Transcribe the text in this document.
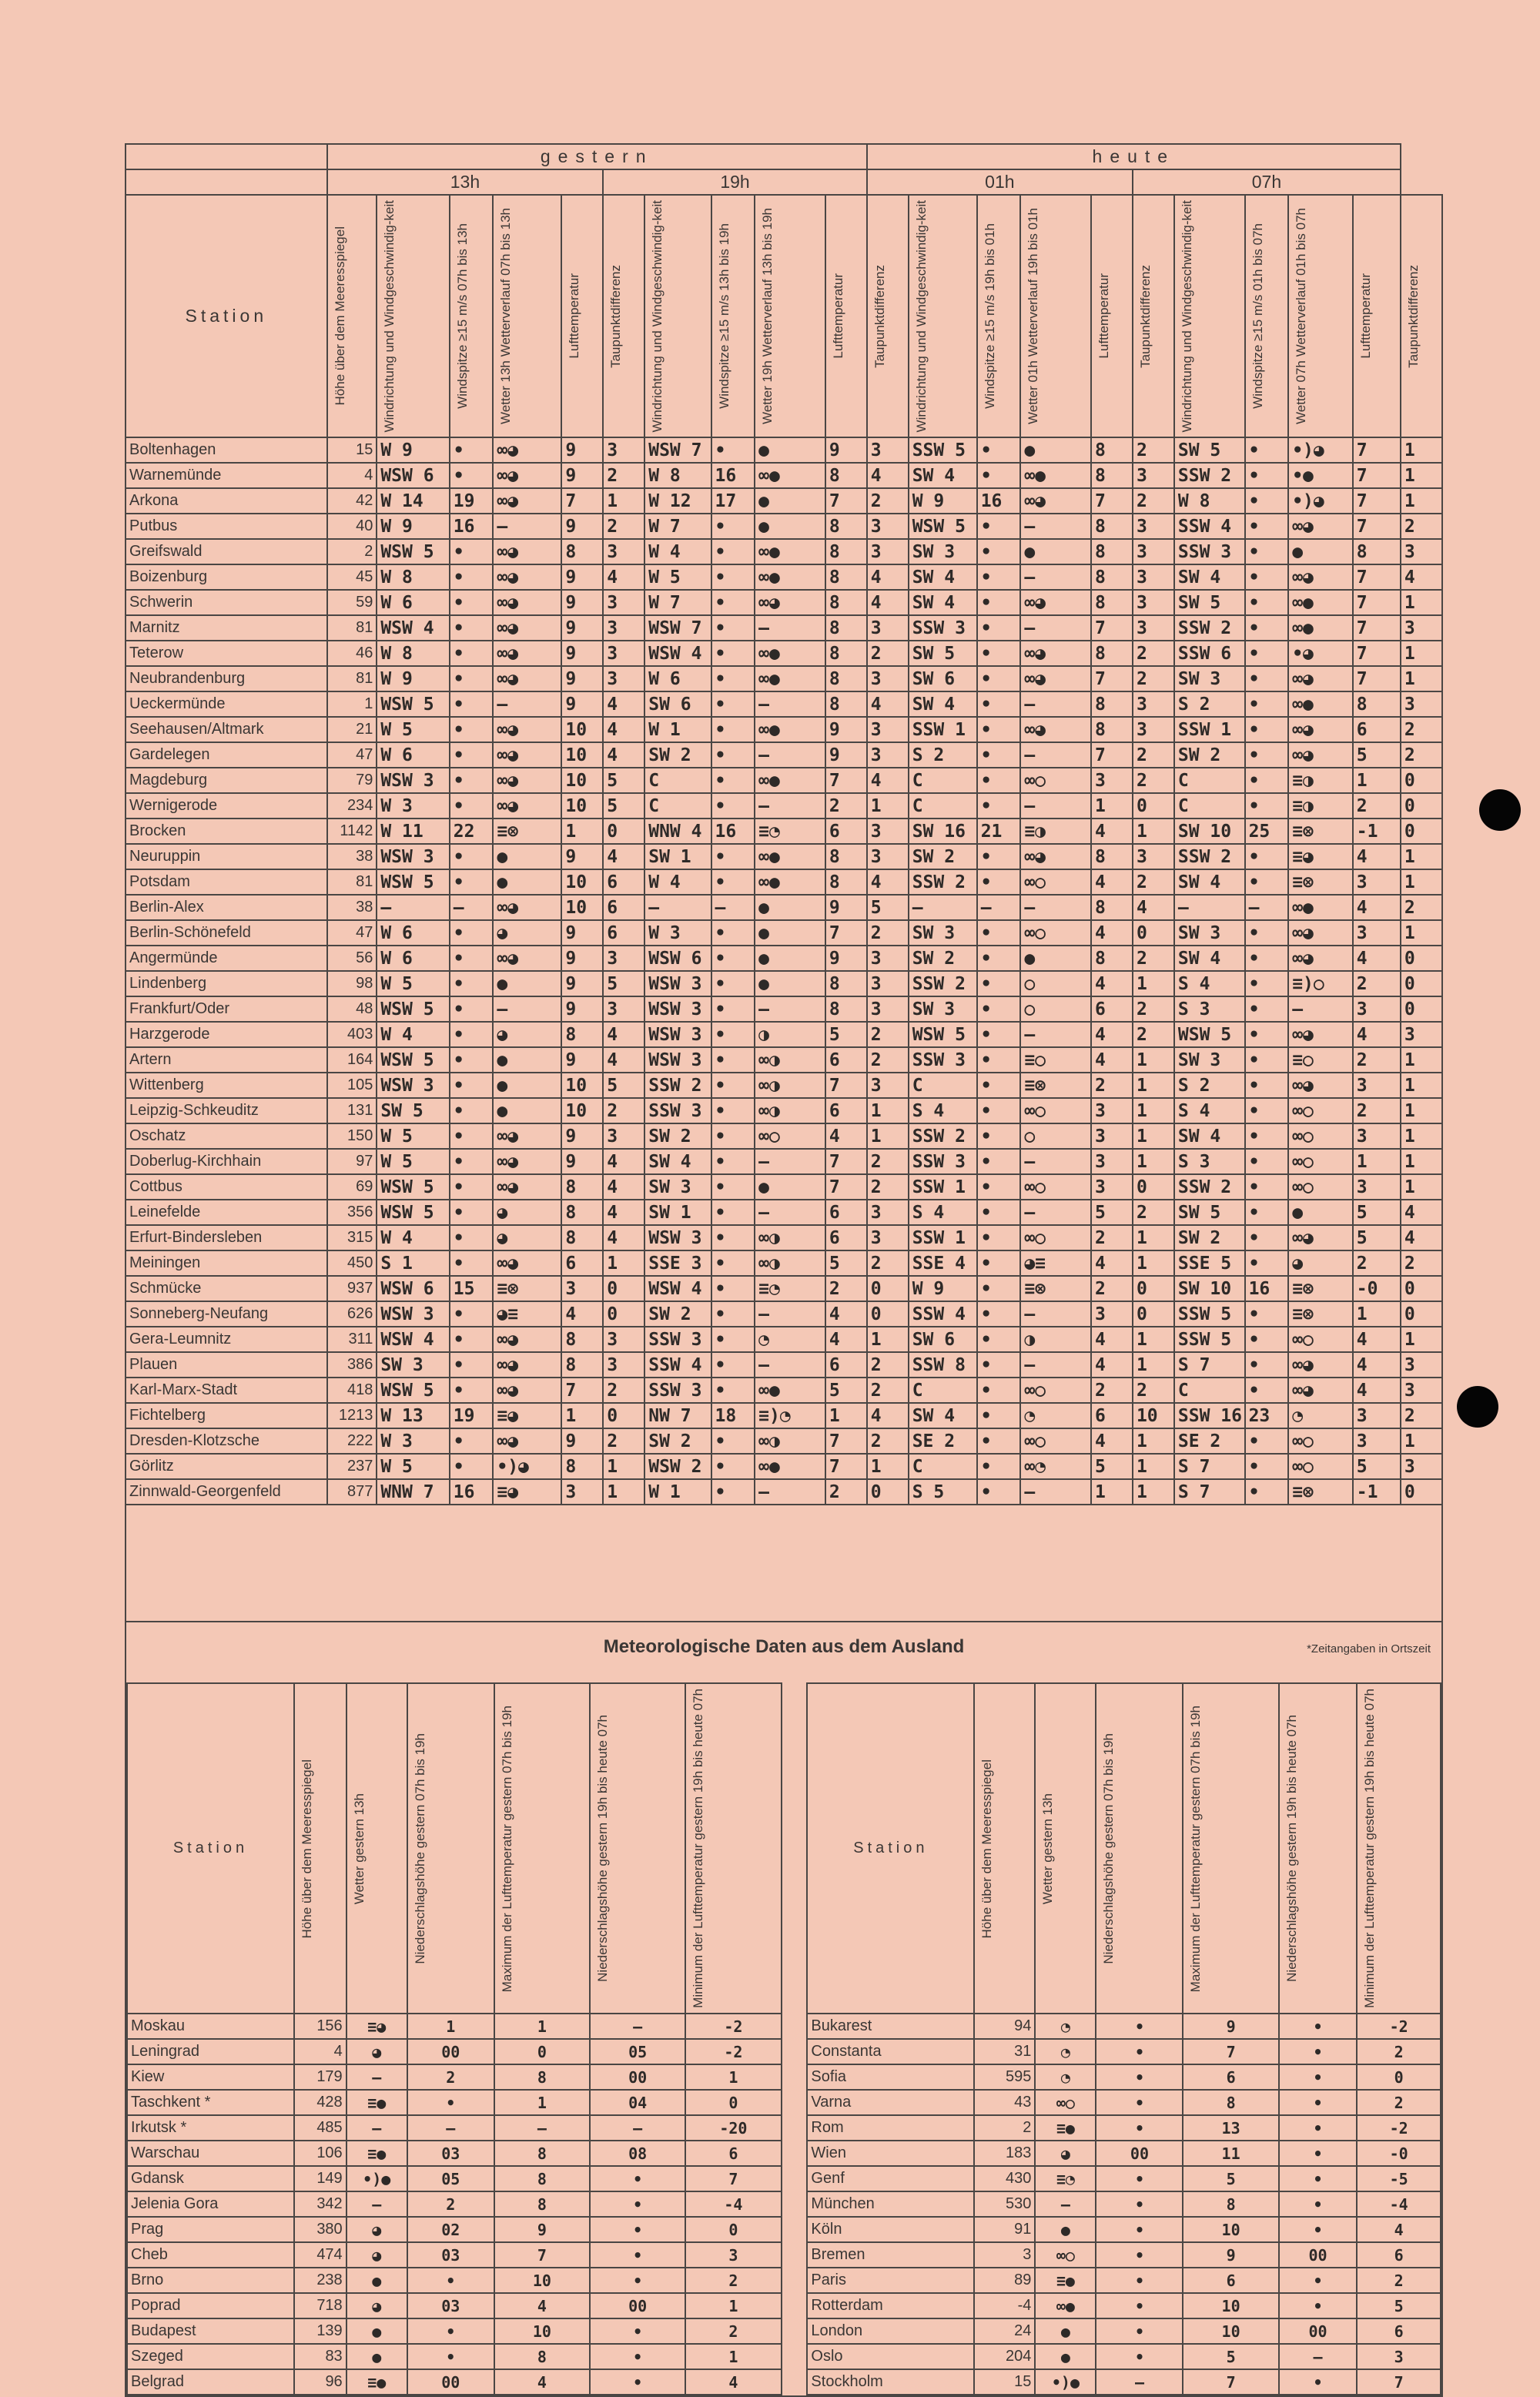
	gestern										heute										
	13h					19h					01h					07h					
Station	Höhe über dem Meeresspiegel	Windrichtung und Windgeschwindig-keit	Windspitze ≥15 m/s 07h bis 13h	Wetter 13h Wetterverlauf 07h bis 13h	Lufttemperatur	Taupunktdifferenz	Windrichtung und Windgeschwindig-keit	Windspitze ≥15 m/s 13h bis 19h	Wetter 19h Wetterverlauf 13h bis 19h	Lufttemperatur	Taupunktdifferenz	Windrichtung und Windgeschwindig-keit	Windspitze ≥15 m/s 19h bis 01h	Wetter 01h Wetterverlauf 19h bis 01h	Lufttemperatur	Taupunktdifferenz	Windrichtung und Windgeschwindig-keit	Windspitze ≥15 m/s 01h bis 07h	Wetter 07h Wetterverlauf 01h bis 07h	Lufttemperatur	Taupunktdifferenz

Boltenhagen	15	W 9	•	∞◕	9	3	WSW 7	•	●	9	3	SSW 5	•	●	8	2	SW 5	•	•)◕	7	1
Warnemünde	4	WSW 6	•	∞◕	9	2	W 8	16	∞●	8	4	SW 4	•	∞●	8	3	SSW 2	•	•●	7	1
Arkona	42	W 14	19	∞◕	7	1	W 12	17	●	7	2	W 9	16	∞◕	7	2	W 8	•	•)◕	7	1
Putbus	40	W 9	16	–	9	2	W 7	•	●	8	3	WSW 5	•	–	8	3	SSW 4	•	∞◕	7	2
Greifswald	2	WSW 5	•	∞◕	8	3	W 4	•	∞●	8	3	SW 3	•	●	8	3	SSW 3	•	●	8	3
Boizenburg	45	W 8	•	∞◕	9	4	W 5	•	∞●	8	4	SW 4	•	–	8	3	SW 4	•	∞◕	7	4
Schwerin	59	W 6	•	∞◕	9	3	W 7	•	∞◕	8	4	SW 4	•	∞◕	8	3	SW 5	•	∞●	7	1
Marnitz	81	WSW 4	•	∞◕	9	3	WSW 7	•	–	8	3	SSW 3	•	–	7	3	SSW 2	•	∞●	7	3
Teterow	46	W 8	•	∞◕	9	3	WSW 4	•	∞●	8	2	SW 5	•	∞◕	8	2	SSW 6	•	•◕	7	1
Neubrandenburg	81	W 9	•	∞◕	9	3	W 6	•	∞●	8	3	SW 6	•	∞◕	7	2	SW 3	•	∞◕	7	1
Ueckermünde	1	WSW 5	•	–	9	4	SW 6	•	–	8	4	SW 4	•	–	8	3	S 2	•	∞●	8	3
Seehausen/Altmark	21	W 5	•	∞◕	10	4	W 1	•	∞●	9	3	SSW 1	•	∞◕	8	3	SSW 1	•	∞◕	6	2
Gardelegen	47	W 6	•	∞◕	10	4	SW 2	•	–	9	3	S 2	•	–	7	2	SW 2	•	∞◕	5	2
Magdeburg	79	WSW 3	•	∞◕	10	5	C	•	∞●	7	4	C	•	∞○	3	2	C	•	≡◑	1	0
Wernigerode	234	W 3	•	∞◕	10	5	C	•	–	2	1	C	•	–	1	0	C	•	≡◑	2	0
Brocken	1142	W 11	22	≡⊗	1	0	WNW 4	16	≡◔	6	3	SW 16	21	≡◑	4	1	SW 10	25	≡⊗	-1	0
Neuruppin	38	WSW 3	•	●	9	4	SW 1	•	∞●	8	3	SW 2	•	∞◕	8	3	SSW 2	•	≡◕	4	1
Potsdam	81	WSW 5	•	●	10	6	W 4	•	∞●	8	4	SSW 2	•	∞○	4	2	SW 4	•	≡⊗	3	1
Berlin-Alex	38	–	–	∞◕	10	6	–	–	●	9	5	–	–	–	8	4	–	–	∞●	4	2
Berlin-Schönefeld	47	W 6	•	◕	9	6	W 3	•	●	7	2	SW 3	•	∞○	4	0	SW 3	•	∞◕	3	1
Angermünde	56	W 6	•	∞◕	9	3	WSW 6	•	●	9	3	SW 2	•	●	8	2	SW 4	•	∞◕	4	0
Lindenberg	98	W 5	•	●	9	5	WSW 3	•	●	8	3	SSW 2	•	○	4	1	S 4	•	≡)○	2	0
Frankfurt/Oder	48	WSW 5	•	–	9	3	WSW 3	•	–	8	3	SW 3	•	○	6	2	S 3	•	–	3	0
Harzgerode	403	W 4	•	◕	8	4	WSW 3	•	◑	5	2	WSW 5	•	–	4	2	WSW 5	•	∞◕	4	3
Artern	164	WSW 5	•	●	9	4	WSW 3	•	∞◑	6	2	SSW 3	•	≡○	4	1	SW 3	•	≡○	2	1
Wittenberg	105	WSW 3	•	●	10	5	SSW 2	•	∞◑	7	3	C	•	≡⊗	2	1	S 2	•	∞◕	3	1
Leipzig-Schkeuditz	131	SW 5	•	●	10	2	SSW 3	•	∞◑	6	1	S 4	•	∞○	3	1	S 4	•	∞○	2	1
Oschatz	150	W 5	•	∞◕	9	3	SW 2	•	∞○	4	1	SSW 2	•	○	3	1	SW 4	•	∞○	3	1
Doberlug-Kirchhain	97	W 5	•	∞◕	9	4	SW 4	•	–	7	2	SSW 3	•	–	3	1	S 3	•	∞○	1	1
Cottbus	69	WSW 5	•	∞◕	8	4	SW 3	•	●	7	2	SSW 1	•	∞○	3	0	SSW 2	•	∞○	3	1
Leinefelde	356	WSW 5	•	◕	8	4	SW 1	•	–	6	3	S 4	•	–	5	2	SW 5	•	●	5	4
Erfurt-Bindersleben	315	W 4	•	◕	8	4	WSW 3	•	∞◑	6	3	SSW 1	•	∞○	2	1	SW 2	•	∞◕	5	4
Meiningen	450	S 1	•	∞◕	6	1	SSE 3	•	∞◑	5	2	SSE 4	•	◕≡	4	1	SSE 5	•	◕	2	2
Schmücke	937	WSW 6	15	≡⊗	3	0	WSW 4	•	≡◔	2	0	W 9	•	≡⊗	2	0	SW 10	16	≡⊗	-0	0
Sonneberg-Neufang	626	WSW 3	•	◕≡	4	0	SW 2	•	–	4	0	SSW 4	•	–	3	0	SSW 5	•	≡⊗	1	0
Gera-Leumnitz	311	WSW 4	•	∞◕	8	3	SSW 3	•	◔	4	1	SW 6	•	◑	4	1	SSW 5	•	∞○	4	1
Plauen	386	SW 3	•	∞◕	8	3	SSW 4	•	–	6	2	SSW 8	•	–	4	1	S 7	•	∞◕	4	3
Karl-Marx-Stadt	418	WSW 5	•	∞◕	7	2	SSW 3	•	∞●	5	2	C	•	∞○	2	2	C	•	∞◕	4	3
Fichtelberg	1213	W 13	19	≡◕	1	0	NW 7	18	≡)◔	1	4	SW 4	•	◔	6	10	SSW 16	23	◔	3	2
Dresden-Klotzsche	222	W 3	•	∞◕	9	2	SW 2	•	∞◑	7	2	SE 2	•	∞○	4	1	SE 2	•	∞○	3	1
Görlitz	237	W 5	•	•)◕	8	1	WSW 2	•	∞●	7	1	C	•	∞◔	5	1	S 7	•	∞○	5	3
Zinnwald-Georgenfeld	877	WNW 7	16	≡◕	3	1	W 1	•	–	2	0	S 5	•	–	1	1	S 7	•	≡⊗	-1	0
Meteorologische Daten aus dem Ausland	*Zeitangaben in Ortszeit
Station	Höhe über dem Meeresspiegel	Wetter gestern 13h	Niederschlagshöhe gestern 07h bis 19h	Maximum der Lufttemperatur gestern 07h bis 19h	Niederschlagshöhe gestern 19h bis heute 07h	Minimum der Lufttemperatur gestern 19h bis heute 07h		Station	Höhe über dem Meeresspiegel	Wetter gestern 13h	Niederschlagshöhe gestern 07h bis 19h	Maximum der Lufttemperatur gestern 07h bis 19h	Niederschlagshöhe gestern 19h bis heute 07h	Minimum der Lufttemperatur gestern 19h bis heute 07h

Moskau	156	≡◕	1	1	–	-2		Bukarest	94	◔	•	9	•	-2
Leningrad	4	◕	00	0	05	-2		Constanta	31	◔	•	7	•	2
Kiew	179	–	2	8	00	1		Sofia	595	◔	•	6	•	0
Taschkent *	428	≡●	•	1	04	0		Varna	43	∞○	•	8	•	2
Irkutsk *	485	–	–	–	–	-20		Rom	2	≡●	•	13	•	-2
Warschau	106	≡●	03	8	08	6		Wien	183	◕	00	11	•	-0
Gdansk	149	•)●	05	8	•	7		Genf	430	≡◔	•	5	•	-5
Jelenia Gora	342	–	2	8	•	-4		München	530	–	•	8	•	-4
Prag	380	◕	02	9	•	0		Köln	91	●	•	10	•	4
Cheb	474	◕	03	7	•	3		Bremen	3	∞○	•	9	00	6
Brno	238	●	•	10	•	2		Paris	89	≡●	•	6	•	2
Poprad	718	◕	03	4	00	1		Rotterdam	-4	∞●	•	10	•	5
Budapest	139	●	•	10	•	2		London	24	●	•	10	00	6
Szeged	83	●	•	8	•	1		Oslo	204	●	•	5	–	3
Belgrad	96	≡●	00	4	•	4		Stockholm	15	•)●	–	7	•	7
